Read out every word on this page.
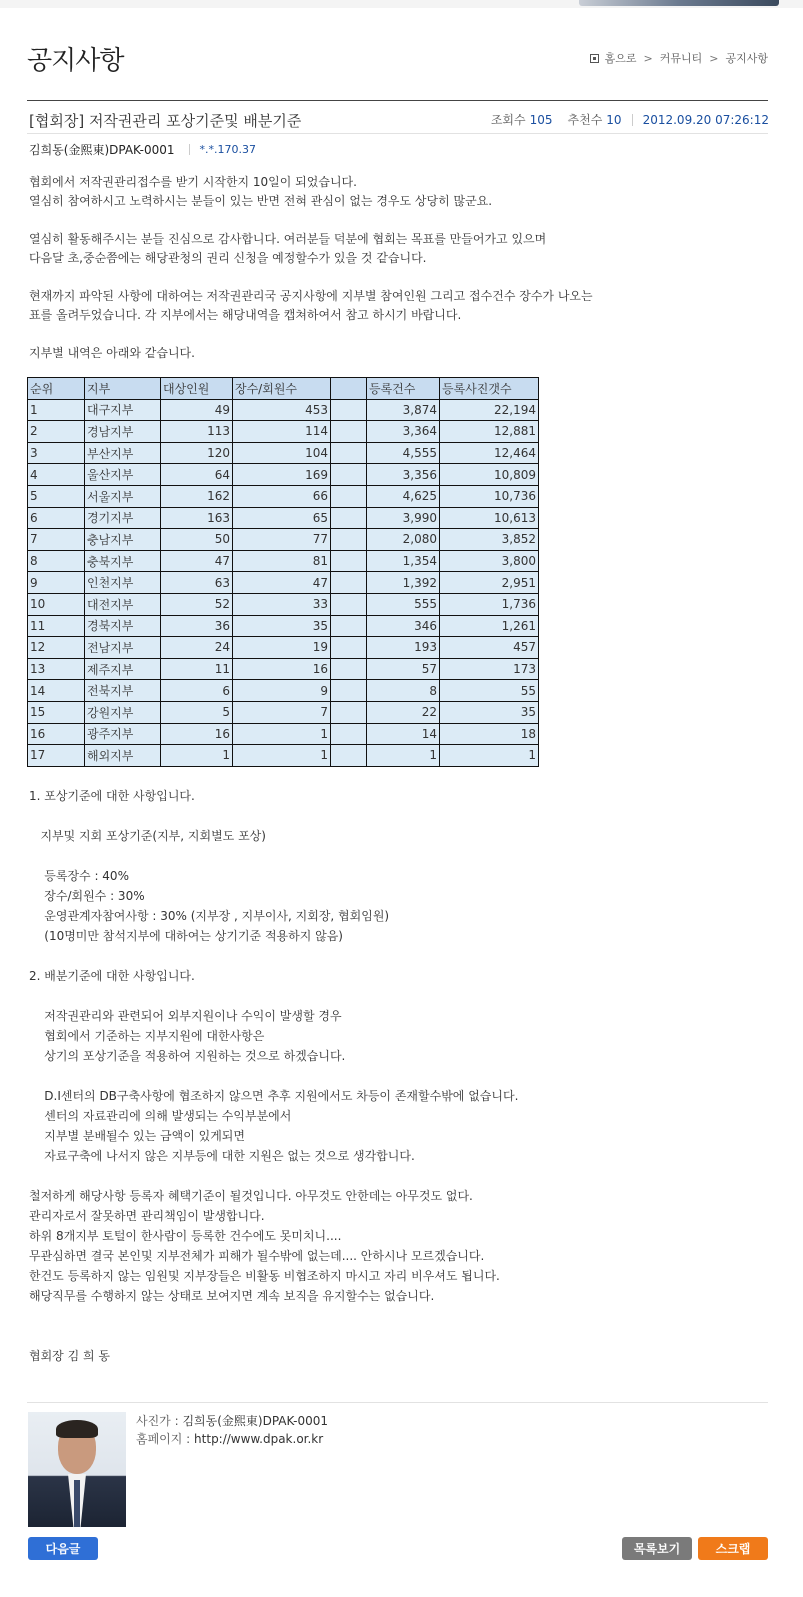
공지사항	홈으로 > 커뮤니티 > 공지사항
[협회장] 저작권관리 포상기준및 배분기준	조회수 105 추천수 10 2012.09.20 07:26:12
김희동(金熙東)DPAK-0001 *.*.170.37

협회에서 저작권관리접수를 받기 시작한지 10일이 되었습니다.

열심히 참여하시고 노력하시는 분들이 있는 반면 전혀 관심이 없는 경우도 상당히 많군요.

열심히 활동해주시는 분들 진심으로 감사합니다. 여러분들 덕분에 협회는 목표를 만들어가고 있으며

다음달 초,중순쯤에는 해당관청의 권리 신청을 예정할수가 있을 것 같습니다.

현재까지 파악된 사항에 대하여는 저작권관리국 공지사항에 지부별 참여인원 그리고 접수건수 장수가 나오는

표를 올려두었습니다. 각 지부에서는 해당내역을 캡쳐하여서 참고 하시기 바랍니다.

지부별 내역은 아래와 같습니다.

순위	지부	대상인원	장수/회원수		등록건수	등록사진갯수
1	대구지부	49	453		3,874	22,194
2	경남지부	113	114		3,364	12,881
3	부산지부	120	104		4,555	12,464
4	울산지부	64	169		3,356	10,809
5	서울지부	162	66		4,625	10,736
6	경기지부	163	65		3,990	10,613
7	충남지부	50	77		2,080	3,852
8	충북지부	47	81		1,354	3,800
9	인천지부	63	47		1,392	2,951
10	대전지부	52	33		555	1,736
11	경북지부	36	35		346	1,261
12	전남지부	24	19		193	457
13	제주지부	11	16		57	173
14	전북지부	6	9		8	55
15	강원지부	5	7		22	35
16	광주지부	16	1		14	18
17	해외지부	1	1		1	1

1. 포상기준에 대한 사항입니다.

지부및 지회 포상기준(지부, 지회별도 포상)

등록장수 : 40%

장수/회원수 : 30%

운영관계자참여사항 : 30% (지부장 , 지부이사, 지회장, 협회임원)

(10명미만 참석지부에 대하여는 상기기준 적용하지 않음)

2. 배분기준에 대한 사항입니다.

저작권관리와 관련되어 외부지원이나 수익이 발생할 경우

협회에서 기준하는 지부지원에 대한사항은

상기의 포상기준을 적용하여 지원하는 것으로 하겠습니다.

D.I센터의 DB구축사항에 협조하지 않으면 추후 지원에서도 차등이 존재할수밖에 없습니다.

센터의 자료관리에 의해 발생되는 수익부분에서

지부별 분배될수 있는 금액이 있게되면

자료구축에 나서지 않은 지부등에 대한 지원은 없는 것으로 생각합니다.

철저하게 해당사항 등록자 혜택기준이 될것입니다. 아무것도 안한데는 아무것도 없다.

관리자로서 잘못하면 관리책임이 발생합니다.

하위 8개지부 토털이 한사람이 등록한 건수에도 못미치니....

무관심하면 결국 본인및 지부전체가 피해가 될수밖에 없는데.... 안하시나 모르겠습니다.

한건도 등록하지 않는 임원및 지부장들은 비활동 비협조하지 마시고 자리 비우셔도 됩니다.

해당직무를 수행하지 않는 상태로 보여지면 계속 보직을 유지할수는 없습니다.

협회장 김 희 동

사진가 : 김희동(金熙東)DPAK-0001
홈페이지 : http://www.dpak.or.kr
다음글	목록보기	스크랩
